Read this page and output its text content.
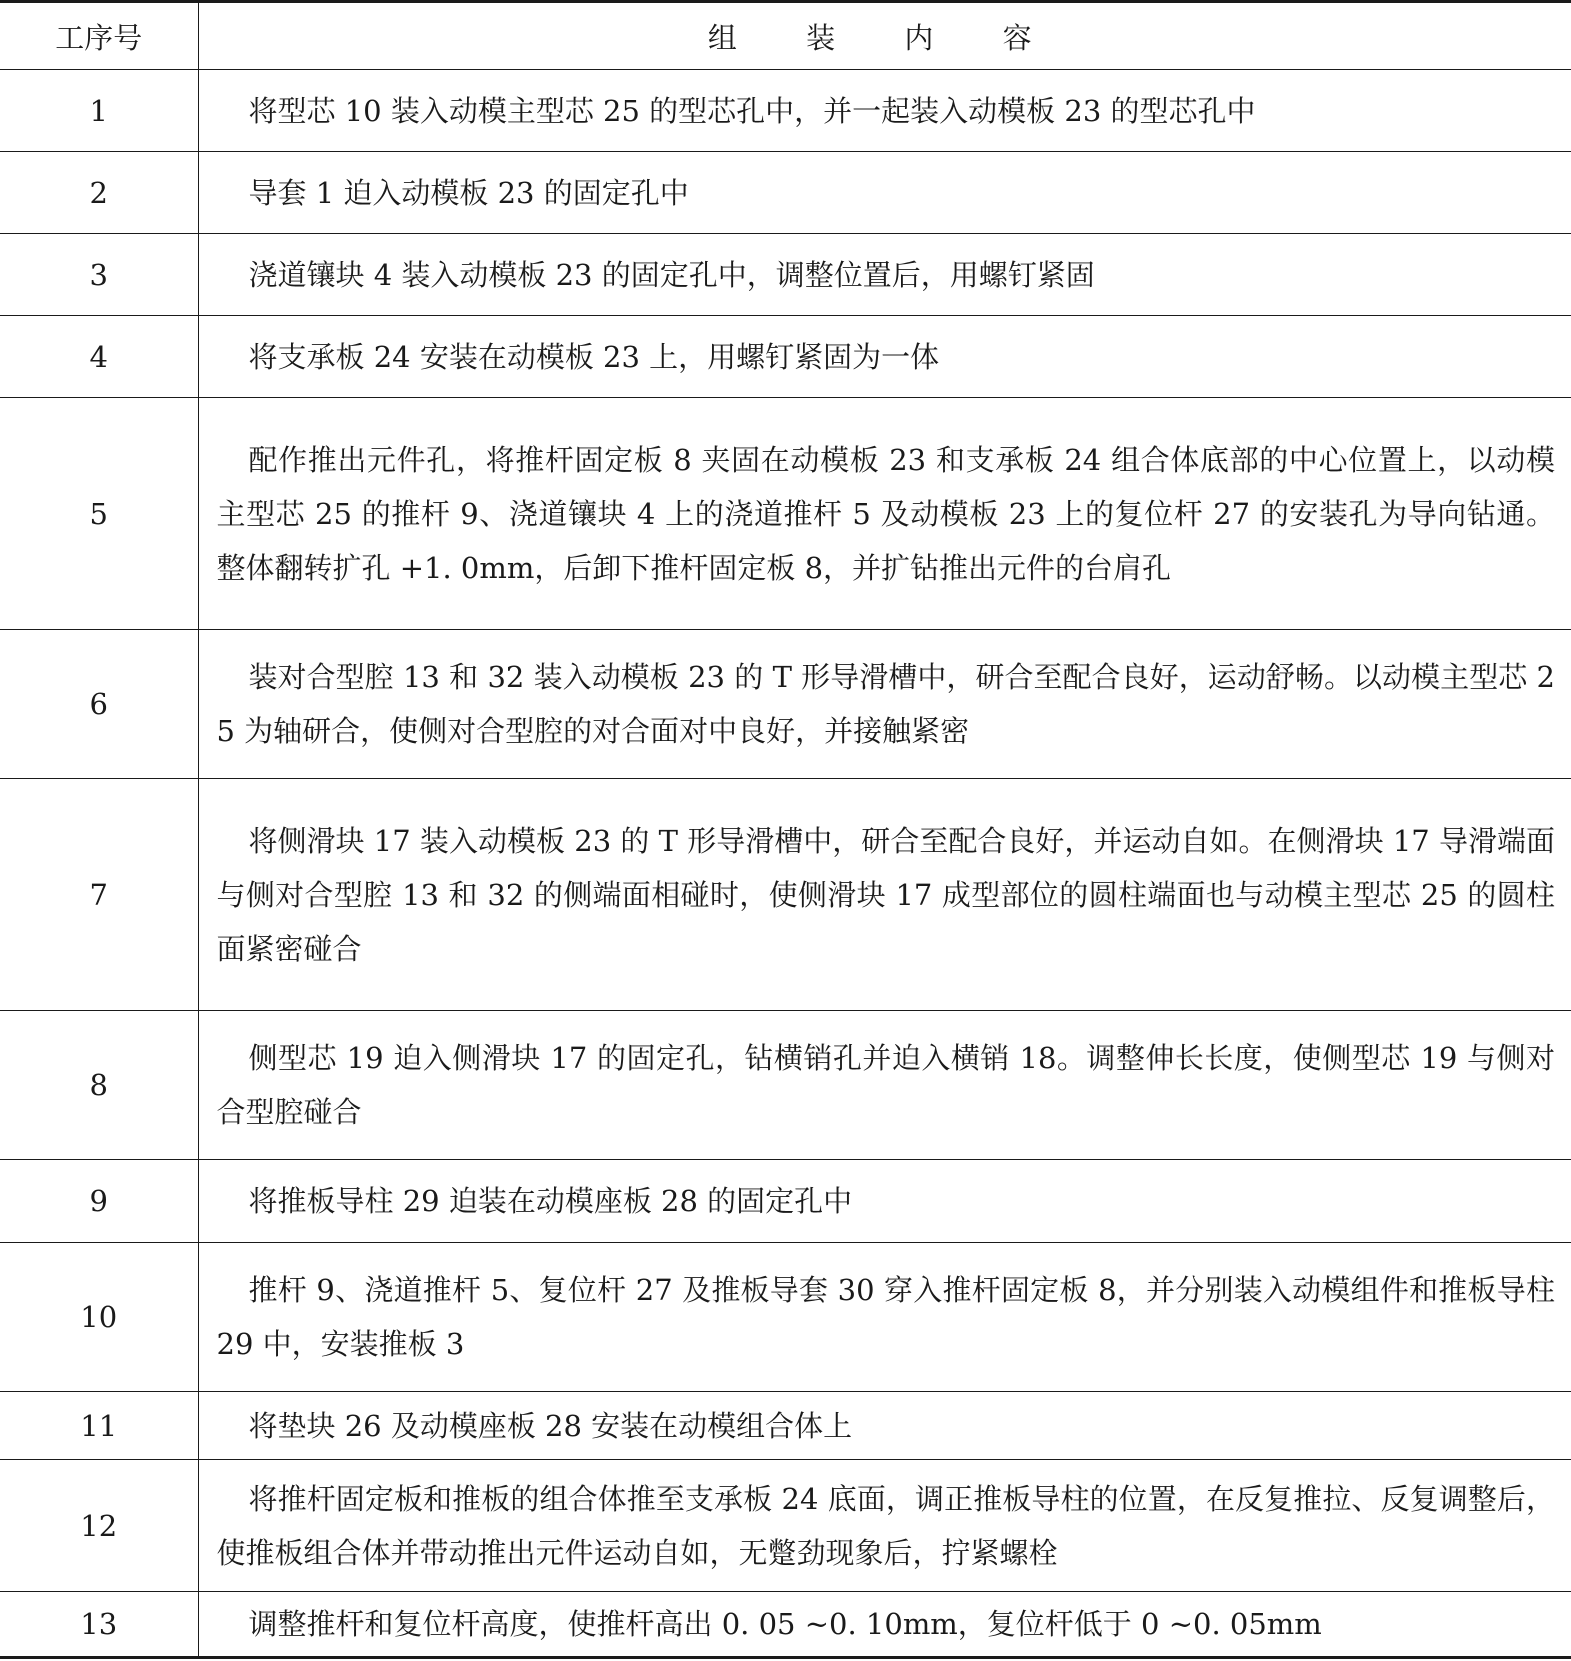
工序号	组 装 内 容
1	将型芯 10 装入动模主型芯 25 的型芯孔中，并一起装入动模板 23 的型芯孔中

2	导套 1 迫入动模板 23 的固定孔中

3	浇道镶块 4 装入动模板 23 的固定孔中，调整位置后，用螺钉紧固

4	将支承板 24 安装在动模板 23 上，用螺钉紧固为一体

5	配作推出元件孔，将推杆固定板 8 夹固在动模板 23 和支承板 24 组合体底部的中心位置上，以动模主型芯 25 的推杆 9、浇道镶块 4 上的浇道推杆 5 及动模板 23 上的复位杆 27 的安装孔为导向钻通。整体翻转扩孔 +1. 0mm，后卸下推杆固定板 8，并扩钻推出元件的台肩孔

6	装对合型腔 13 和 32 装入动模板 23 的 T 形导滑槽中，研合至配合良好，运动舒畅。以动模主型芯 25 为轴研合，使侧对合型腔的对合面对中良好，并接触紧密

7	将侧滑块 17 装入动模板 23 的 T 形导滑槽中，研合至配合良好，并运动自如。在侧滑块 17 导滑端面与侧对合型腔 13 和 32 的侧端面相碰时，使侧滑块 17 成型部位的圆柱端面也与动模主型芯 25 的圆柱面紧密碰合

8	侧型芯 19 迫入侧滑块 17 的固定孔，钻横销孔并迫入横销 18。调整伸长长度，使侧型芯 19 与侧对合型腔碰合

9	将推板导柱 29 迫装在动模座板 28 的固定孔中

10	推杆 9、浇道推杆 5、复位杆 27 及推板导套 30 穿入推杆固定板 8，并分别装入动模组件和推板导柱 29 中，安装推板 3

11	将垫块 26 及动模座板 28 安装在动模组合体上

12	将推杆固定板和推板的组合体推至支承板 24 底面，调正推板导柱的位置，在反复推拉、反复调整后，使推板组合体并带动推出元件运动自如，无蹩劲现象后，拧紧螺栓

13	调整推杆和复位杆高度，使推杆高出 0. 05 ~0. 10mm，复位杆低于 0 ~0. 05mm
